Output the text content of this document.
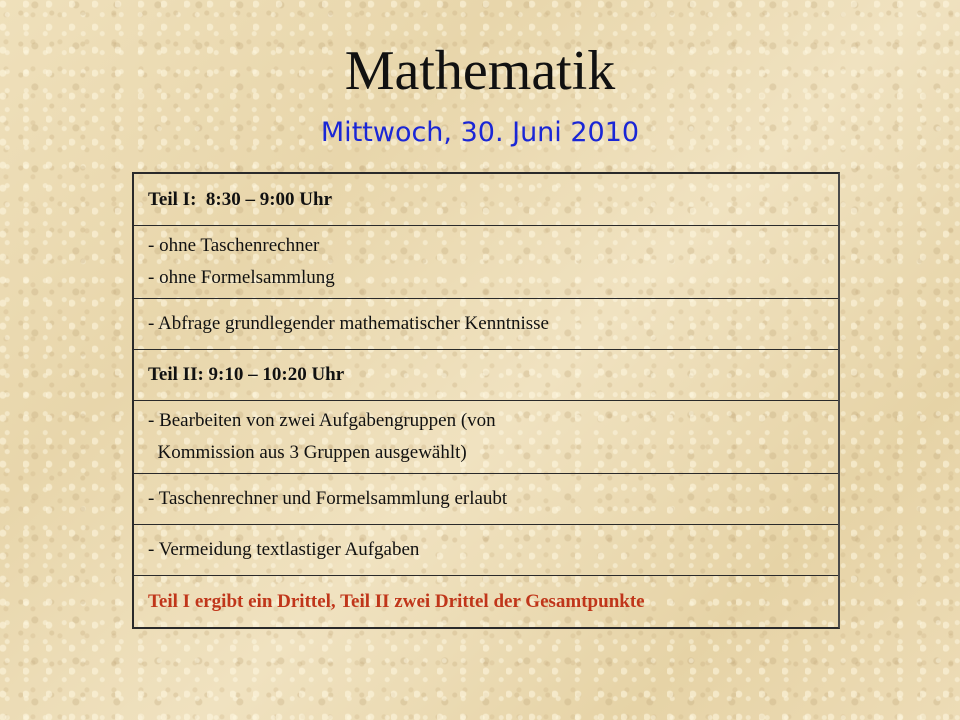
Mathematik
Mittwoch, 30. Juni 2010
Teil I:  8:30 – 9:00 Uhr
- ohne Taschenrechner
- ohne Formelsammlung
- Abfrage grundlegender mathematischer Kenntnisse
Teil II: 9:10 – 10:20 Uhr
- Bearbeiten von zwei Aufgabengruppen (von
Kommission aus 3 Gruppen ausgewählt)
- Taschenrechner und Formelsammlung erlaubt
- Vermeidung textlastiger Aufgaben
Teil I ergibt ein Drittel, Teil II zwei Drittel der Gesamtpunkte
